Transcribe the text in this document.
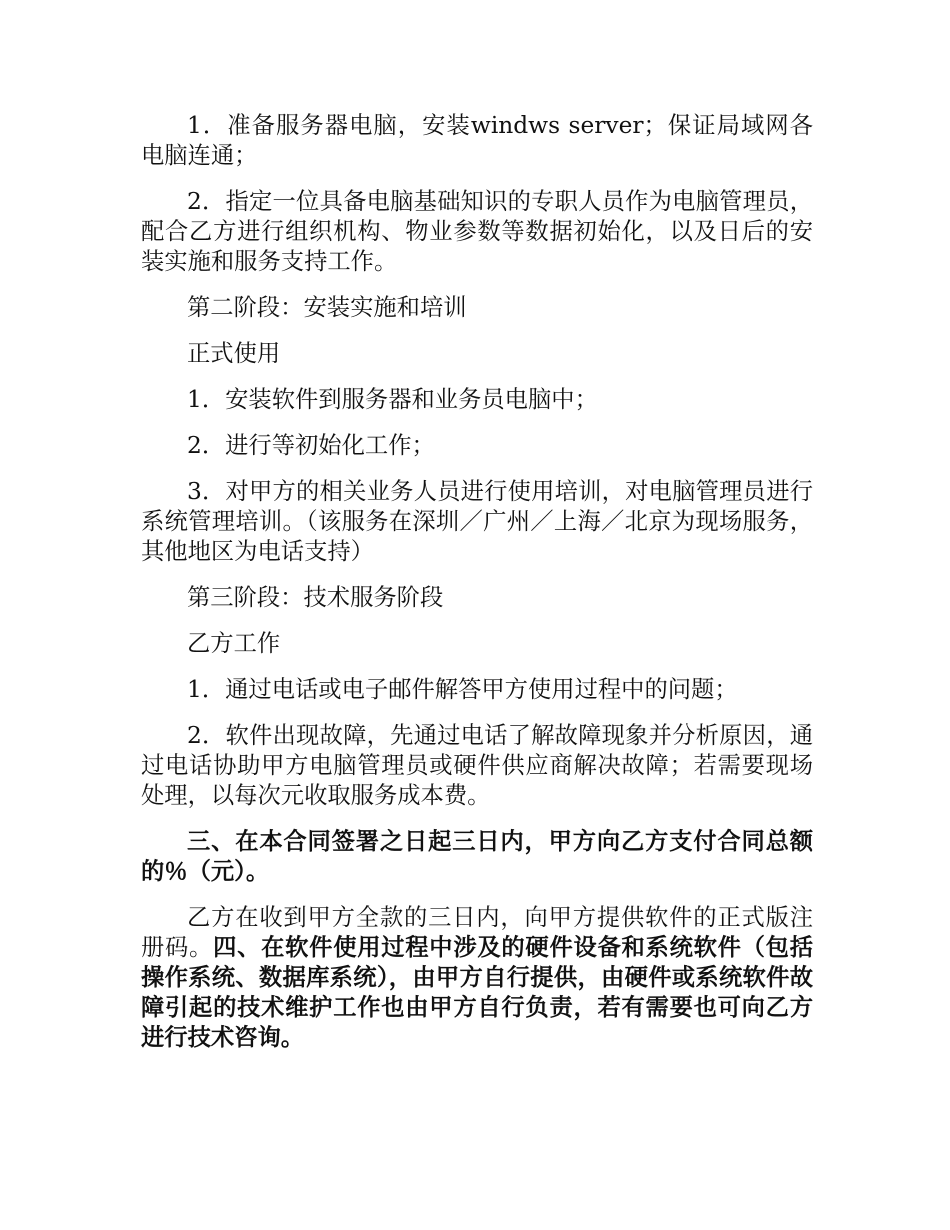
1．准备服务器电脑，安装windws server；保证局域网各电脑连通；

2．指定一位具备电脑基础知识的专职人员作为电脑管理员，配合乙方进行组织机构、物业参数等数据初始化，以及日后的安装实施和服务支持工作。

第二阶段：安装实施和培训

正式使用

1．安装软件到服务器和业务员电脑中；

2．进行等初始化工作；

3．对甲方的相关业务人员进行使用培训，对电脑管理员进行系统管理培训。（该服务在深圳／广州／上海／北京为现场服务，其他地区为电话支持）

第三阶段：技术服务阶段

乙方工作

1．通过电话或电子邮件解答甲方使用过程中的问题；

2．软件出现故障，先通过电话了解故障现象并分析原因，通过电话协助甲方电脑管理员或硬件供应商解决故障；若需要现场处理，以每次元收取服务成本费。

三、在本合同签署之日起三日内，甲方向乙方支付合同总额的％（元）。

乙方在收到甲方全款的三日内，向甲方提供软件的正式版注册码。四、在软件使用过程中涉及的硬件设备和系统软件（包括操作系统、数据库系统），由甲方自行提供，由硬件或系统软件故障引起的技术维护工作也由甲方自行负责，若有需要也可向乙方进行技术咨询。
